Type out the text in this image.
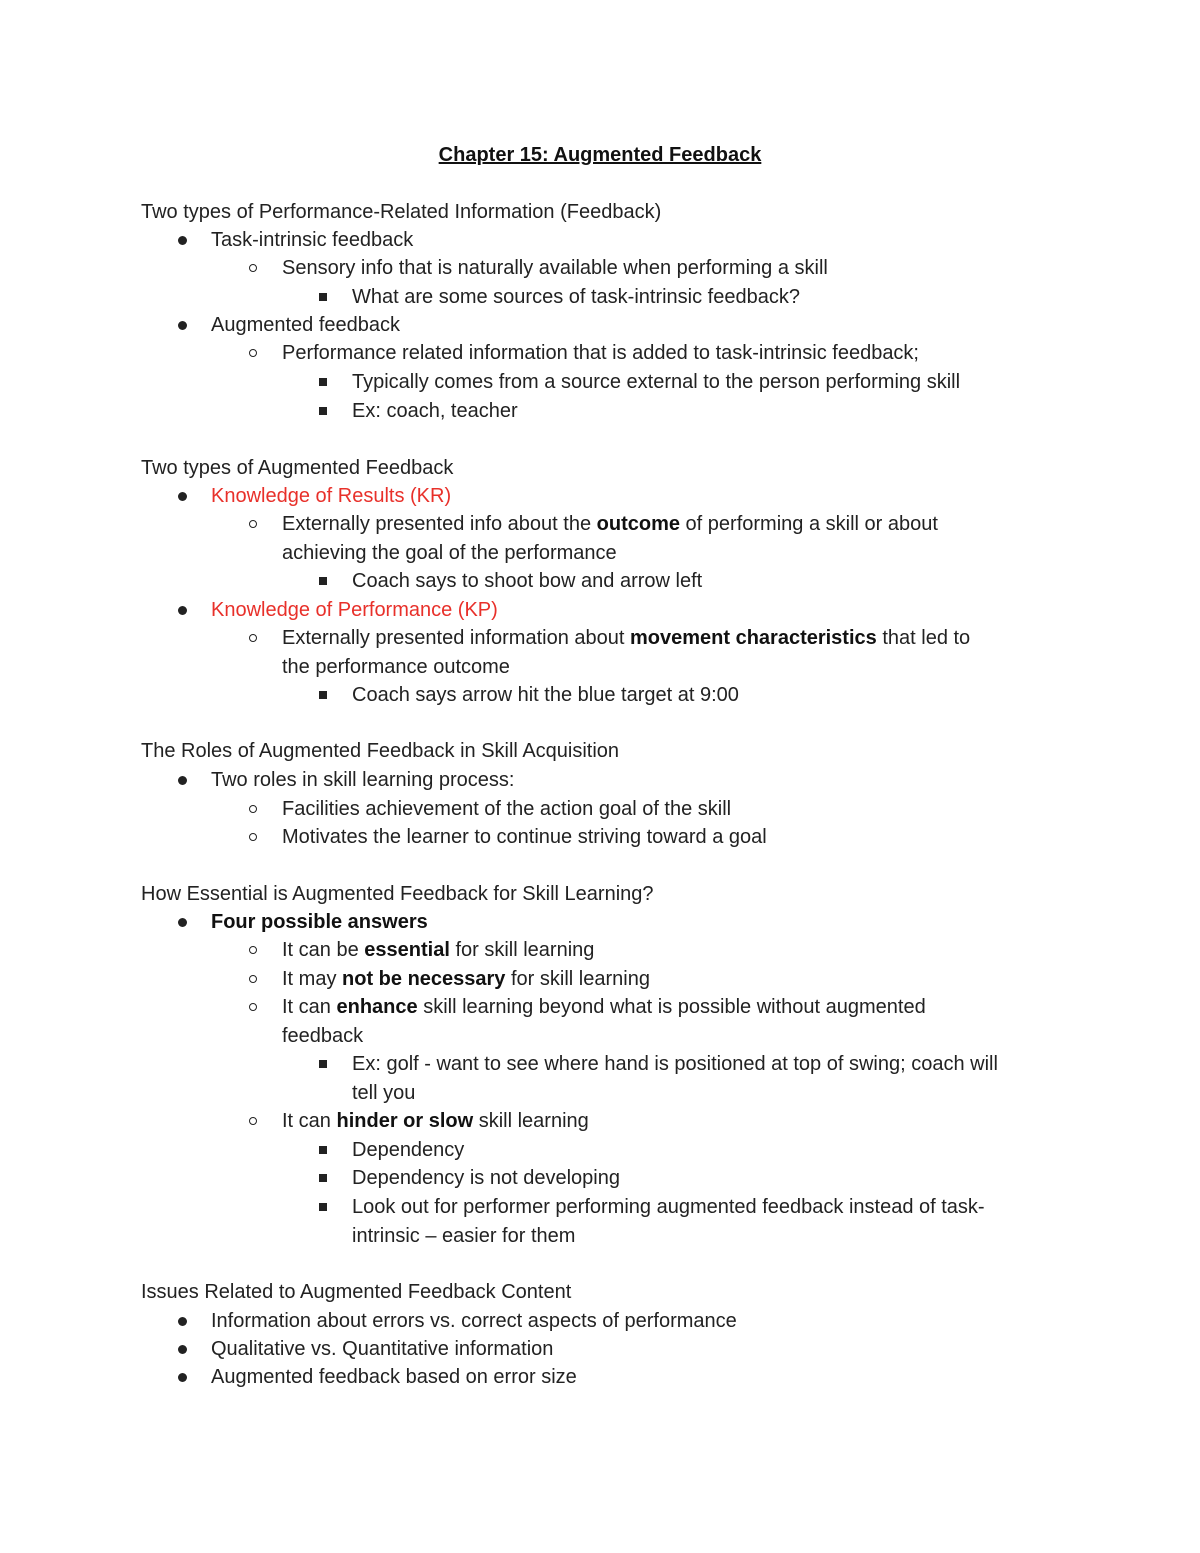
Chapter 15: Augmented Feedback
Two types of Performance-Related Information (Feedback)
Task-intrinsic feedback
Sensory info that is naturally available when performing a skill
What are some sources of task-intrinsic feedback?
Augmented feedback
Performance related information that is added to task-intrinsic feedback;
Typically comes from a source external to the person performing skill
Ex: coach, teacher
Two types of Augmented Feedback
Knowledge of Results (KR)
Externally presented info about the outcome of performing a skill or about
achieving the goal of the performance
Coach says to shoot bow and arrow left
Knowledge of Performance (KP)
Externally presented information about movement characteristics that led to
the performance outcome
Coach says arrow hit the blue target at 9:00
The Roles of Augmented Feedback in Skill Acquisition
Two roles in skill learning process:
Facilities achievement of the action goal of the skill
Motivates the learner to continue striving toward a goal
How Essential is Augmented Feedback for Skill Learning?
Four possible answers
It can be essential for skill learning
It may not be necessary for skill learning
It can enhance skill learning beyond what is possible without augmented
feedback
Ex: golf - want to see where hand is positioned at top of swing; coach will
tell you
It can hinder or slow skill learning
Dependency
Dependency is not developing
Look out for performer performing augmented feedback instead of task-
intrinsic – easier for them
Issues Related to Augmented Feedback Content
Information about errors vs. correct aspects of performance
Qualitative vs. Quantitative information
Augmented feedback based on error size
